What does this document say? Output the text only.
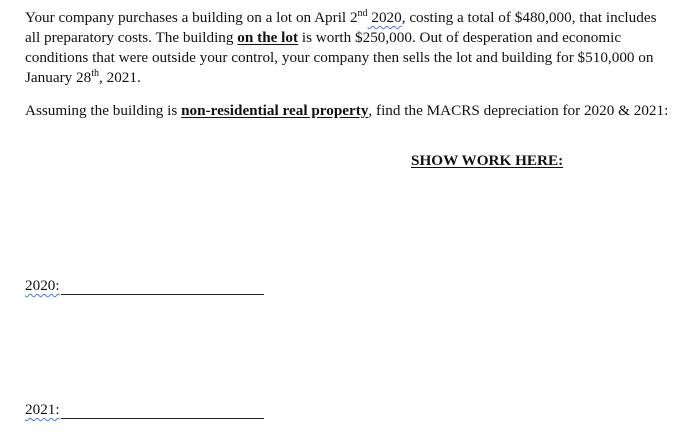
Your company purchases a building on a lot on April 2nd 2020, costing a total of $480,000, that includes all preparatory costs. The building on the lot is worth $250,000. Out of desperation and economic conditions that were outside your control, your company then sells the lot and building for $510,000 on January 28th, 2021.

Assuming the building is non-residential real property, find the MACRS depreciation for 2020 & 2021:

SHOW WORK HERE:

2020:
2021:
